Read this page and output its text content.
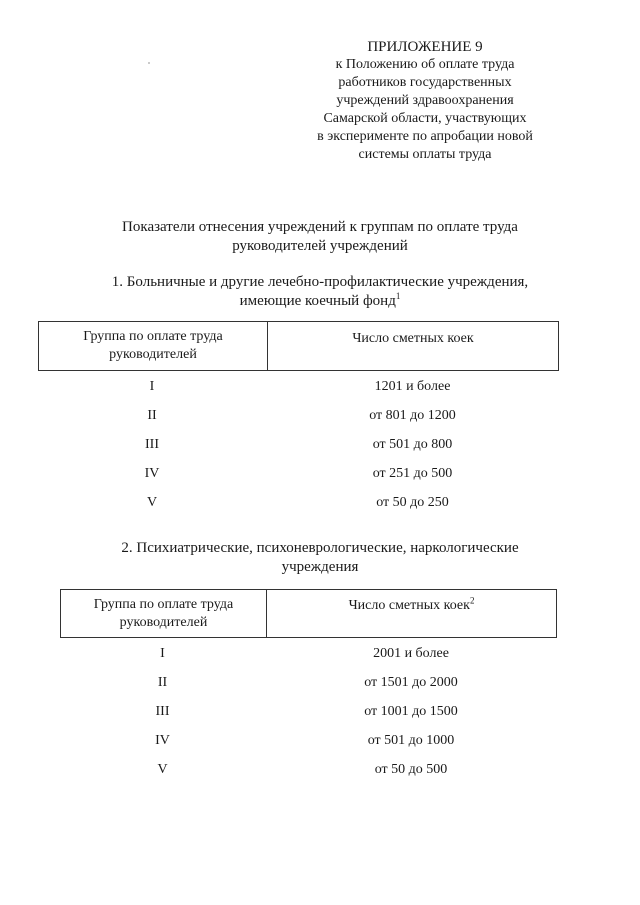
ПРИЛОЖЕНИЕ 9
к Положению об оплате труда
работников государственных
учреждений здравоохранения
Самарской области, участвующих
в эксперименте по апробации новой
системы оплаты труда
Показатели отнесения учреждений к группам по оплате труда
руководителей учреждений
1. Больничные и другие лечебно-профилактические учреждения,
имеющие коечный фонд$^1$
Группа по оплате труда руководителей	Число сметных коек
I	1201 и более
II	от 801 до 1200
III	от 501 до 800
IV	от 251 до 500
V	от 50 до 250
2. Психиатрические, психоневрологические, наркологические
учреждения
Группа по оплате труда руководителей	Число сметных коек$^2$
I	2001 и более
II	от 1501 до 2000
III	от 1001 до 1500
IV	от 501 до 1000
V	от 50 до 500
